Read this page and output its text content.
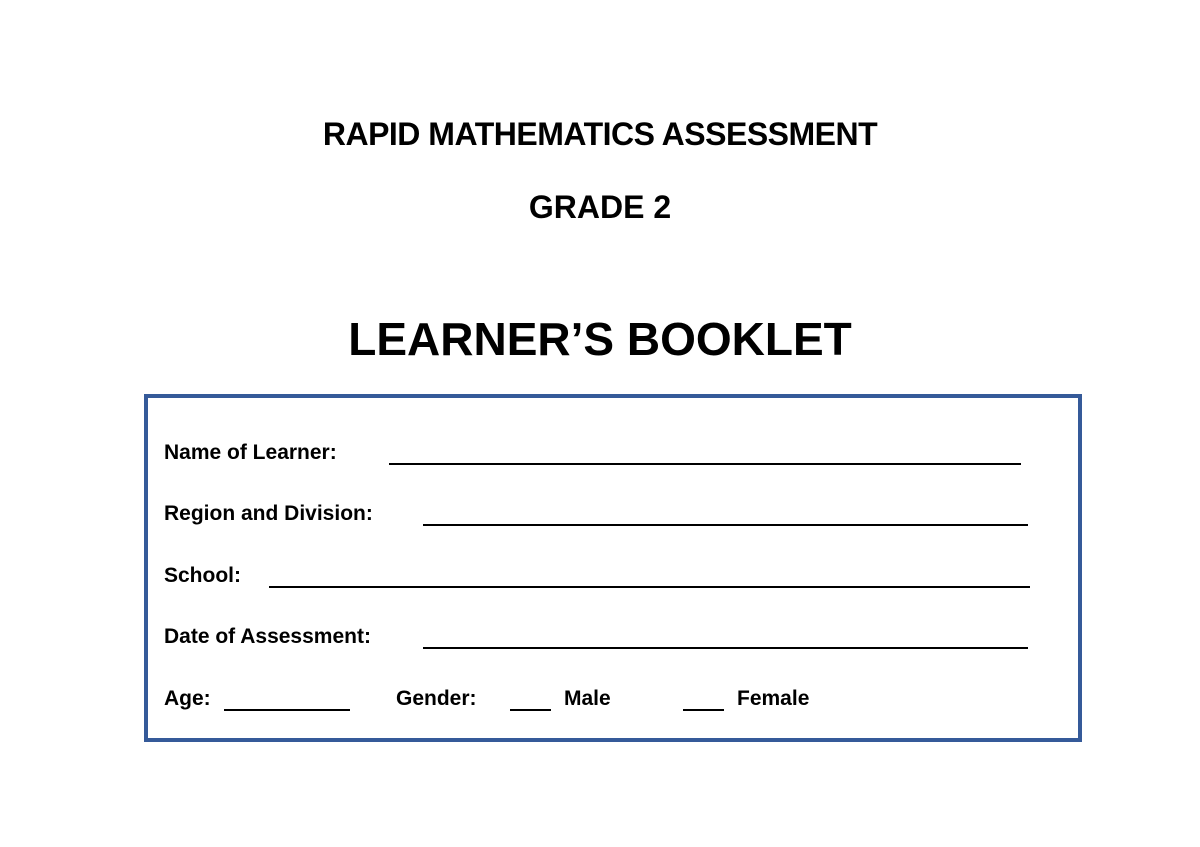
RAPID MATHEMATICS ASSESSMENT
GRADE 2
LEARNER’S BOOKLET
Name of Learner:
Region and Division:
School:
Date of Assessment:
Age:	Gender:	Male	Female
